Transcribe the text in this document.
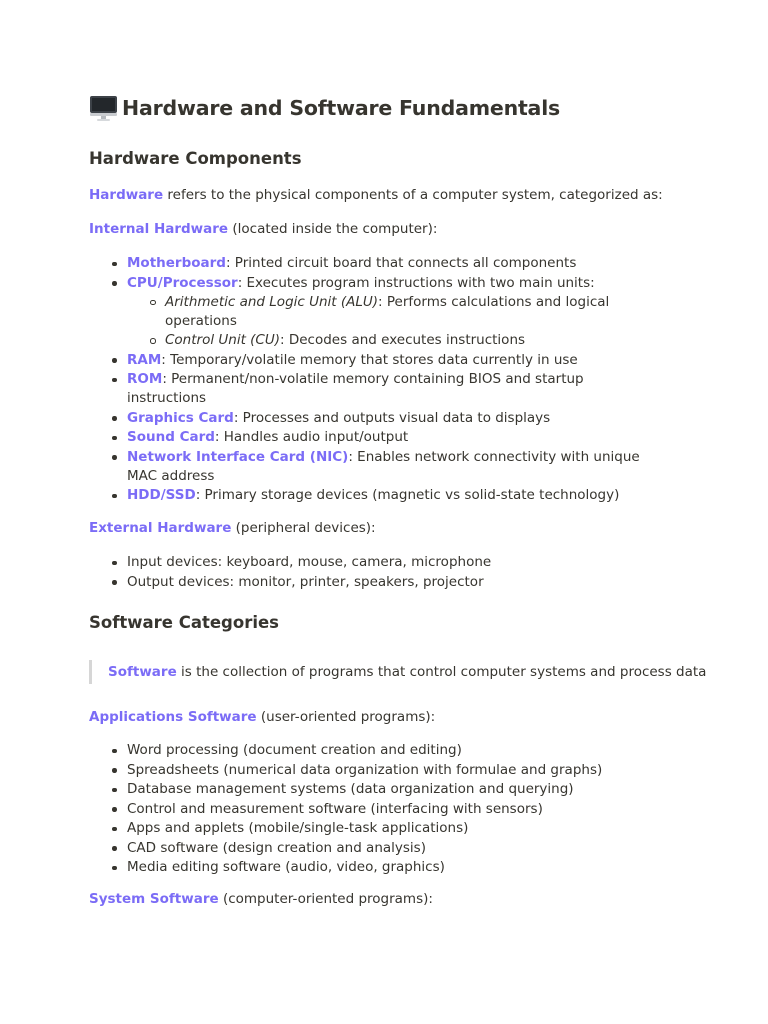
Hardware and Software Fundamentals
Hardware Components

Hardware refers to the physical components of a computer system, categorized as:

Internal Hardware (located inside the computer):

Motherboard: Printed circuit board that connects all components
CPU/Processor: Executes program instructions with two main units:
Arithmetic and Logic Unit (ALU): Performs calculations and logical operations
Control Unit (CU): Decodes and executes instructions
RAM: Temporary/volatile memory that stores data currently in use
ROM: Permanent/non-volatile memory containing BIOS and startup instructions
Graphics Card: Processes and outputs visual data to displays
Sound Card: Handles audio input/output
Network Interface Card (NIC): Enables network connectivity with unique MAC address
HDD/SSD: Primary storage devices (magnetic vs solid-state technology)

External Hardware (peripheral devices):

Input devices: keyboard, mouse, camera, microphone
Output devices: monitor, printer, speakers, projector
Software Categories
Software is the collection of programs that control computer systems and process data

Applications Software (user-oriented programs):

Word processing (document creation and editing)
Spreadsheets (numerical data organization with formulae and graphs)
Database management systems (data organization and querying)
Control and measurement software (interfacing with sensors)
Apps and applets (mobile/single-task applications)
CAD software (design creation and analysis)
Media editing software (audio, video, graphics)

System Software (computer-oriented programs):
